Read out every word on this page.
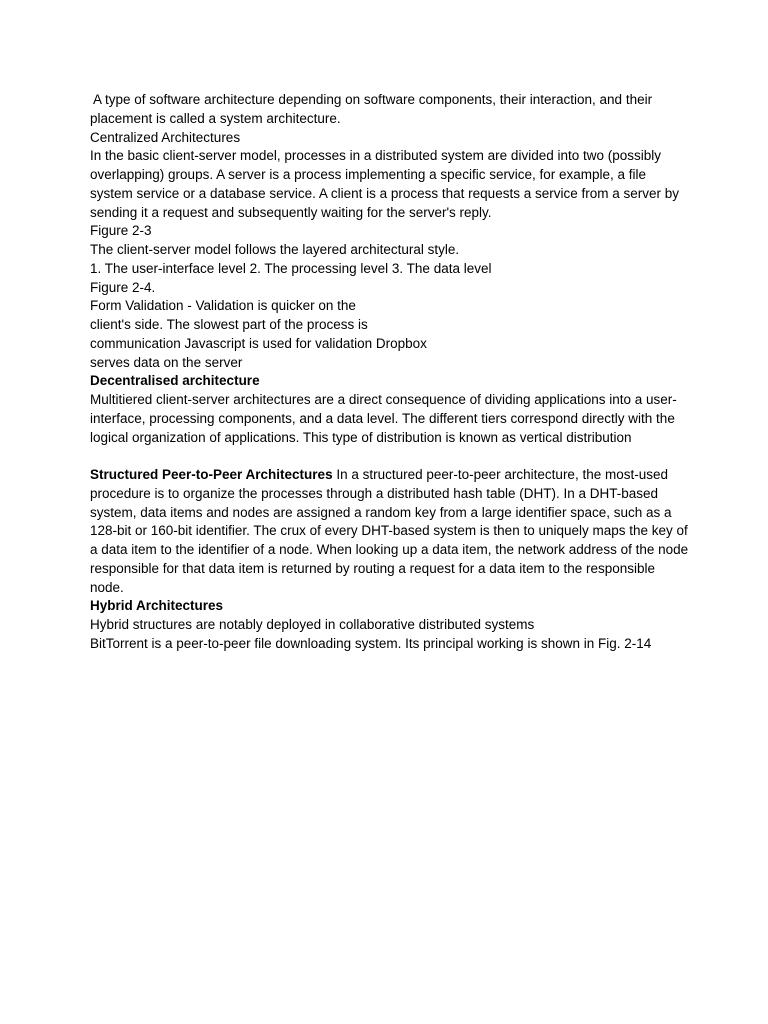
A type of software architecture depending on software components, their interaction, and their
placement is called a system architecture.
Centralized Architectures

In the basic client-server model, processes in a distributed system are divided into two (possibly overlapping) groups. A server is a process implementing a specific service, for example, a file system service or a database service. A client is a process that requests a service from a server by sending it a request and subsequently waiting for the server's reply.

Figure 2-3
The client-server model follows the layered architectural style.
1. The user-interface level 2. The processing level 3. The data level
Figure 2-4.
Form Validation - Validation is quicker on the
client's side. The slowest part of the process is
communication Javascript is used for validation Dropbox
serves data on the server
Decentralised architecture

Multitiered client-server architectures are a direct consequence of dividing applications into a user-interface, processing components, and a data level. The different tiers correspond directly with the logical organization of applications. This type of distribution is known as vertical distribution

Structured Peer-to-Peer Architectures In a structured peer-to-peer architecture, the most-used procedure is to organize the processes through a distributed hash table (DHT). In a DHT-based system, data items and nodes are assigned a random key from a large identifier space, such as a 128-bit or 160-bit identifier. The crux of every DHT-based system is then to uniquely maps the key of a data item to the identifier of a node. When looking up a data item, the network address of the node responsible for that data item is returned by routing a request for a data item to the responsible node.

Hybrid Architectures
Hybrid structures are notably deployed in collaborative distributed systems
BitTorrent is a peer-to-peer file downloading system. Its principal working is shown in Fig. 2-14
